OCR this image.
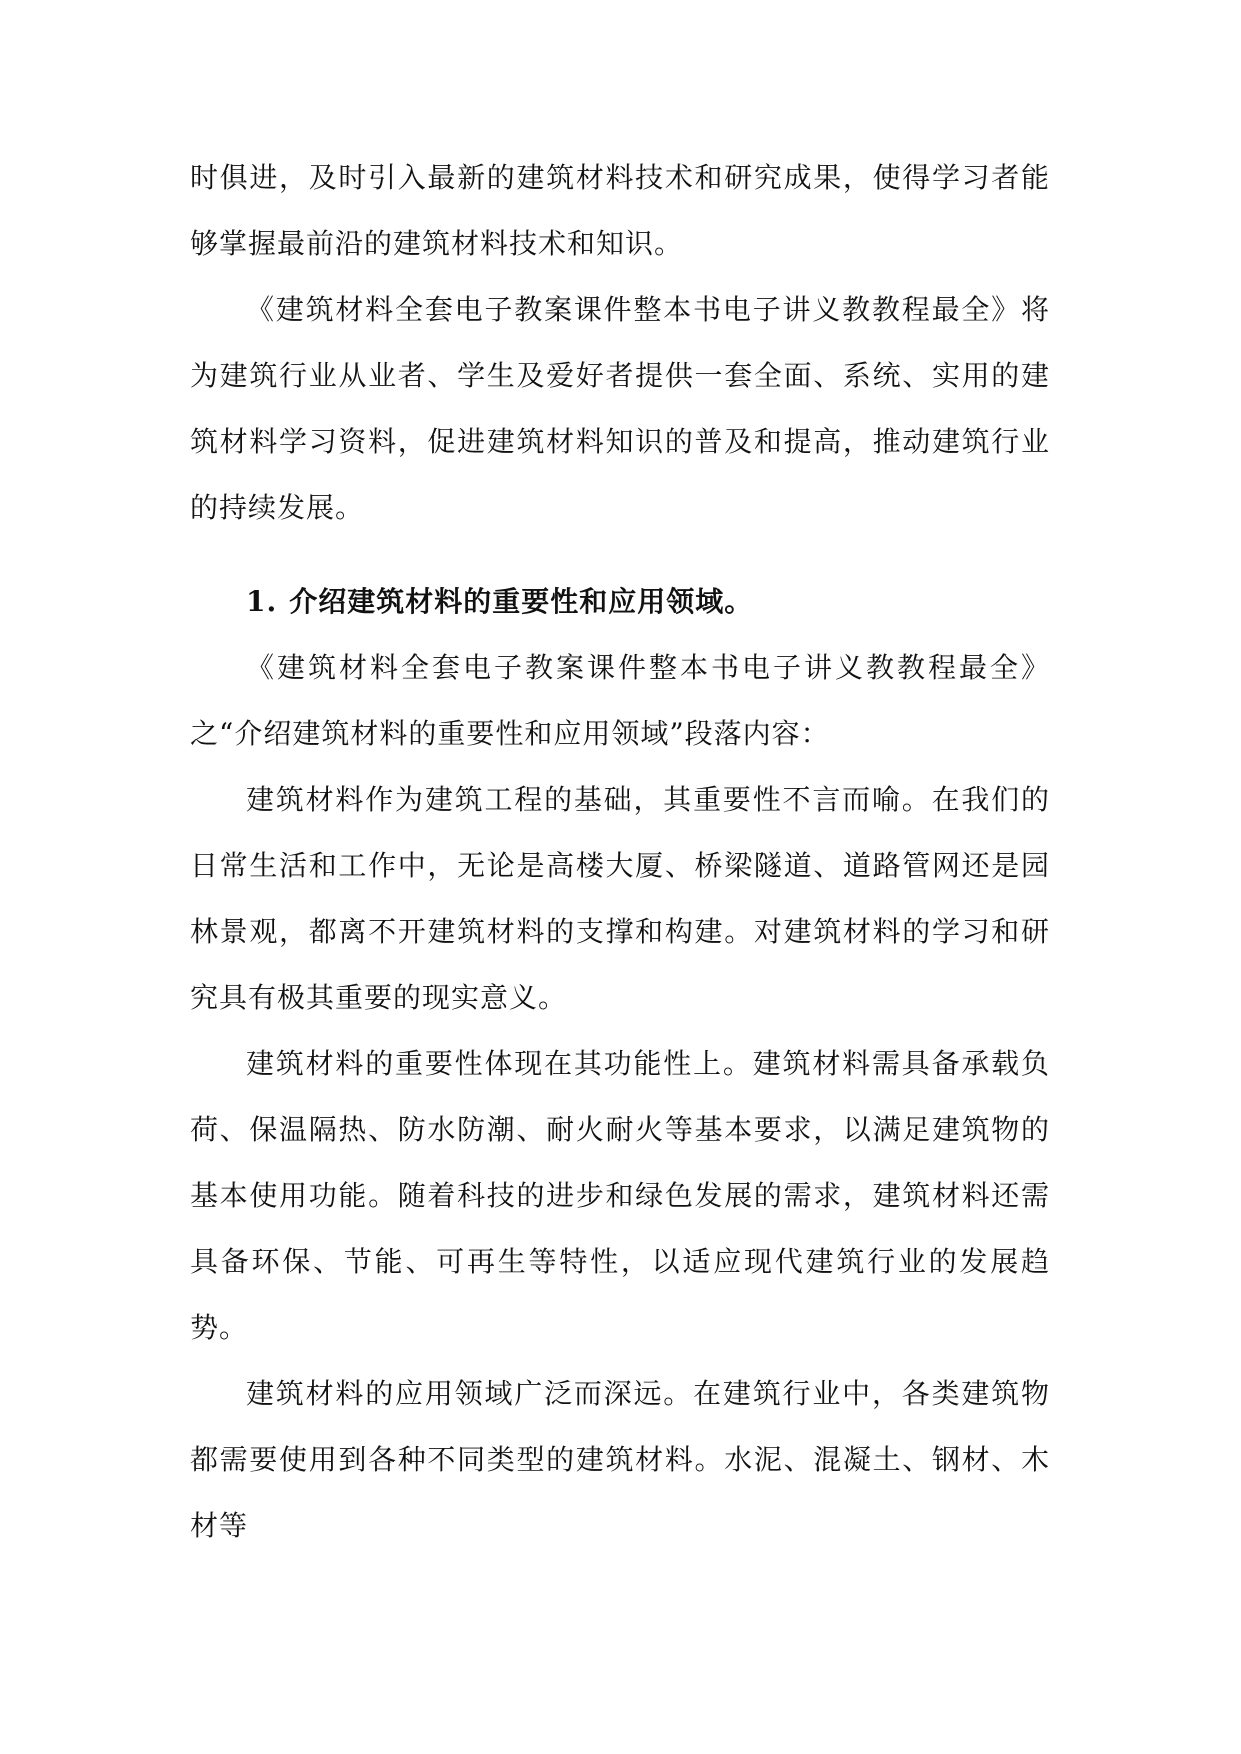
时俱进，及时引入最新的建筑材料技术和研究成果，使得学习者能够掌握最前沿的建筑材料技术和知识。

《建筑材料全套电子教案课件整本书电子讲义教教程最全》将为建筑行业从业者、学生及爱好者提供一套全面、系统、实用的建筑材料学习资料，促进建筑材料知识的普及和提高，推动建筑行业的持续发展。

1. 介绍建筑材料的重要性和应用领域。

《建筑材料全套电子教案课件整本书电子讲义教教程最全》之“介绍建筑材料的重要性和应用领域”段落内容：

建筑材料作为建筑工程的基础，其重要性不言而喻。在我们的日常生活和工作中，无论是高楼大厦、桥梁隧道、道路管网还是园林景观，都离不开建筑材料的支撑和构建。对建筑材料的学习和研究具有极其重要的现实意义。

建筑材料的重要性体现在其功能性上。建筑材料需具备承载负荷、保温隔热、防水防潮、耐火耐火等基本要求，以满足建筑物的基本使用功能。随着科技的进步和绿色发展的需求，建筑材料还需具备环保、节能、可再生等特性，以适应现代建筑行业的发展趋势。

建筑材料的应用领域广泛而深远。在建筑行业中，各类建筑物都需要使用到各种不同类型的建筑材料。水泥、混凝土、钢材、木材等
